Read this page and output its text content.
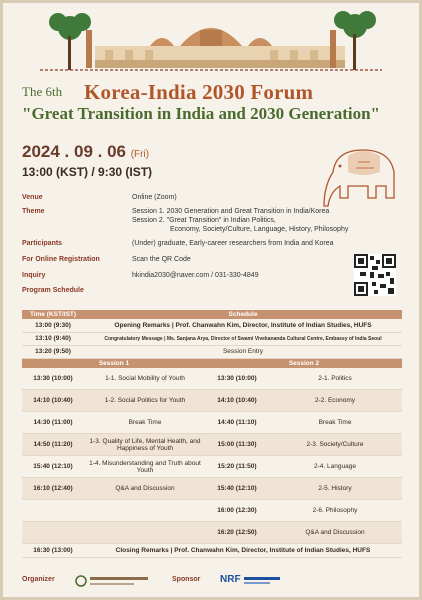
The 6th Korea-India 2030 Forum
"Great Transition in India and 2030 Generation"
2024 . 09 . 06 (Fri)
13:00 (KST) / 9:30 (IST)
Venue	Online (Zoom)
Theme	Session 1. 2030 Generation and Great Transition in India/Korea
Session 2. "Great Transition" in Indian Politics,
Economy, Society/Culture, Language, History, Philosophy
Participants	(Under) graduate, Early-career researchers from India and Korea
For Online Registration	Scan the QR Code
Inquiry	hkindia2030@naver.com / 031-330-4849
Program Schedule
Time (KST/IST)	Schedule		
13:00 (9:30)	Opening Remarks | Prof. Chanwahn Kim, Director, Institute of Indian Studies, HUFS		
13:10 (9:40)	Congratulatory Message | Ms. Sanjana Arya, Director of Swami Vivekananda Cultural Centre, Embassy of India Seoul		
13:20 (9:50)	Session Entry		
Session 1		Session 2	
13:30 (10:00)	1-1. Social Mobility of Youth	13:30 (10:00)	2-1. Politics
14:10 (10:40)	1-2. Social Politics for Youth	14:10 (10:40)	2-2. Economy
14:30 (11:00)	Break Time	14:40 (11:10)	Break Time
14:50 (11:20)	1-3. Quality of Life, Mental Health, and Happiness of Youth	15:00 (11:30)	2-3. Society/Culture
15:40 (12:10)	1-4. Misunderstanding and Truth about Youth	15:20 (11:50)	2-4. Language
16:10 (12:40)	Q&A and Discussion	15:40 (12:10)	2-5. History
		16:00 (12:30)	2-6. Philosophy
		16:20 (12:50)	Q&A and Discussion
16:30 (13:00)	Closing Remarks | Prof. Chanwahn Kim, Director, Institute of Indian Studies, HUFS		
Organizer	Sponsor NRF
